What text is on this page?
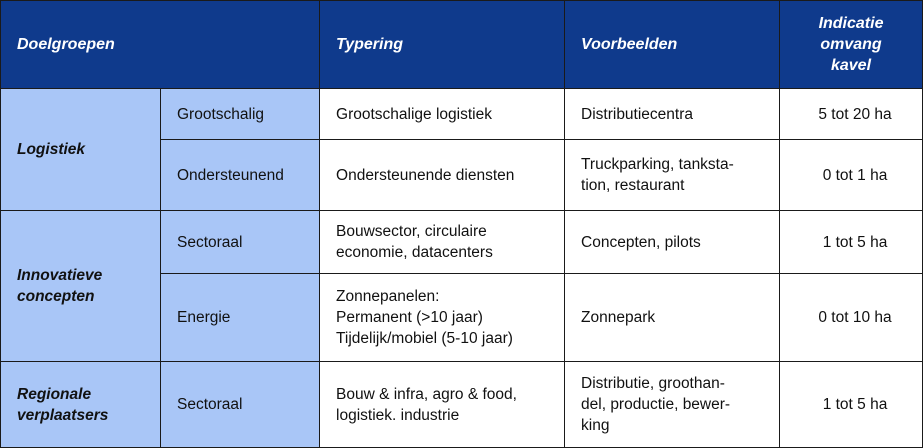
Doelgroepen		Typering	Voorbeelden	Indicatie
omvang
kavel

Logistiek	Grootschalig	Grootschalige logistiek	Distributiecentra	5 tot 20 ha
	Ondersteunend	Ondersteunende diensten	Truckparking, tanksta-
tion, restaurant	0 tot 1 ha

Innovatieve
concepten	Sectoraal	Bouwsector, circulaire
economie, datacenters	Concepten, pilots	1 tot 5 ha
	Energie	Zonnepanelen:
Permanent (>10 jaar)
Tijdelijk/mobiel (5-10 jaar)	Zonnepark	0 tot 10 ha

Regionale
verplaatsers	Sectoraal	Bouw & infra, agro & food,
logistiek. industrie	Distributie, groothan-
del, productie, bewer-
king	1 tot 5 ha
